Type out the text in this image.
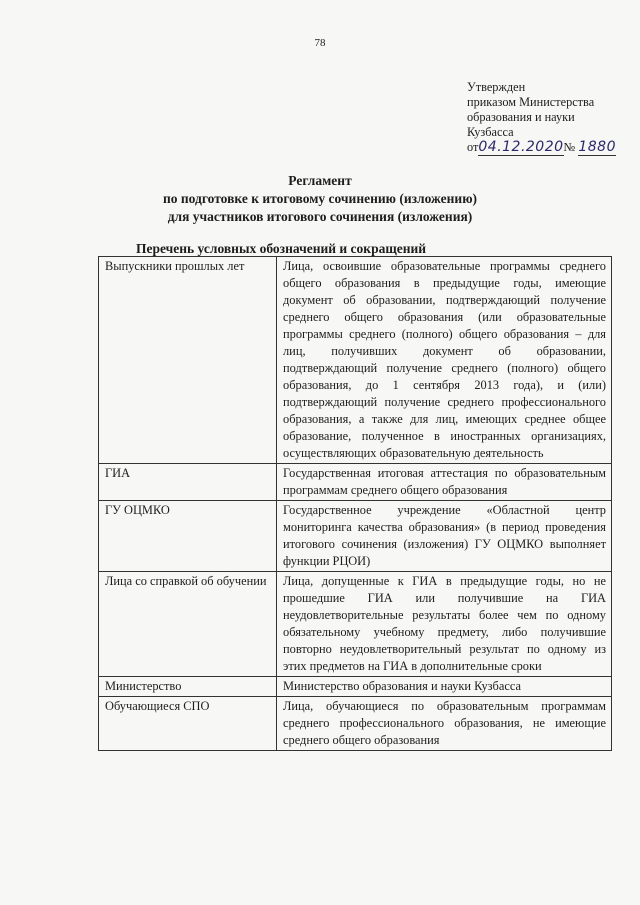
78
Утвержден
приказом Министерства
образования и науки
Кузбасса
от04.12.2020№ 1880
Регламент
по подготовке к итоговому сочинению (изложению)
для участников итогового сочинения (изложения)
Перечень условных обозначений и сокращений
Выпускники прошлых лет	Лица, освоившие образовательные программы среднего общего образования в предыдущие годы, имеющие документ об образовании, подтверждающий получение среднего общего образования (или образовательные программы среднего (полного) общего образования – для лиц, получивших документ об образовании, подтверждающий получение среднего (полного) общего образования, до 1 сентября 2013 года), и (или) подтверждающий получение среднего профессионального образования, а также для лиц, имеющих среднее общее образование, полученное в иностранных организациях, осуществляющих образовательную деятельность
ГИА	Государственная итоговая аттестация по образовательным программам среднего общего образования
ГУ ОЦМКО	Государственное учреждение «Областной центр мониторинга качества образования» (в период проведения итогового сочинения (изложения) ГУ ОЦМКО выполняет функции РЦОИ)
Лица со справкой об обучении	Лица, допущенные к ГИА в предыдущие годы, но не прошедшие ГИА или получившие на ГИА неудовлетворительные результаты более чем по одному обязательному учебному предмету, либо получившие повторно неудовлетворительный результат по одному из этих предметов на ГИА в дополнительные сроки
Министерство	Министерство образования и науки Кузбасса
Обучающиеся СПО	Лица, обучающиеся по образовательным программам среднего профессионального образования, не имеющие среднего общего образования
